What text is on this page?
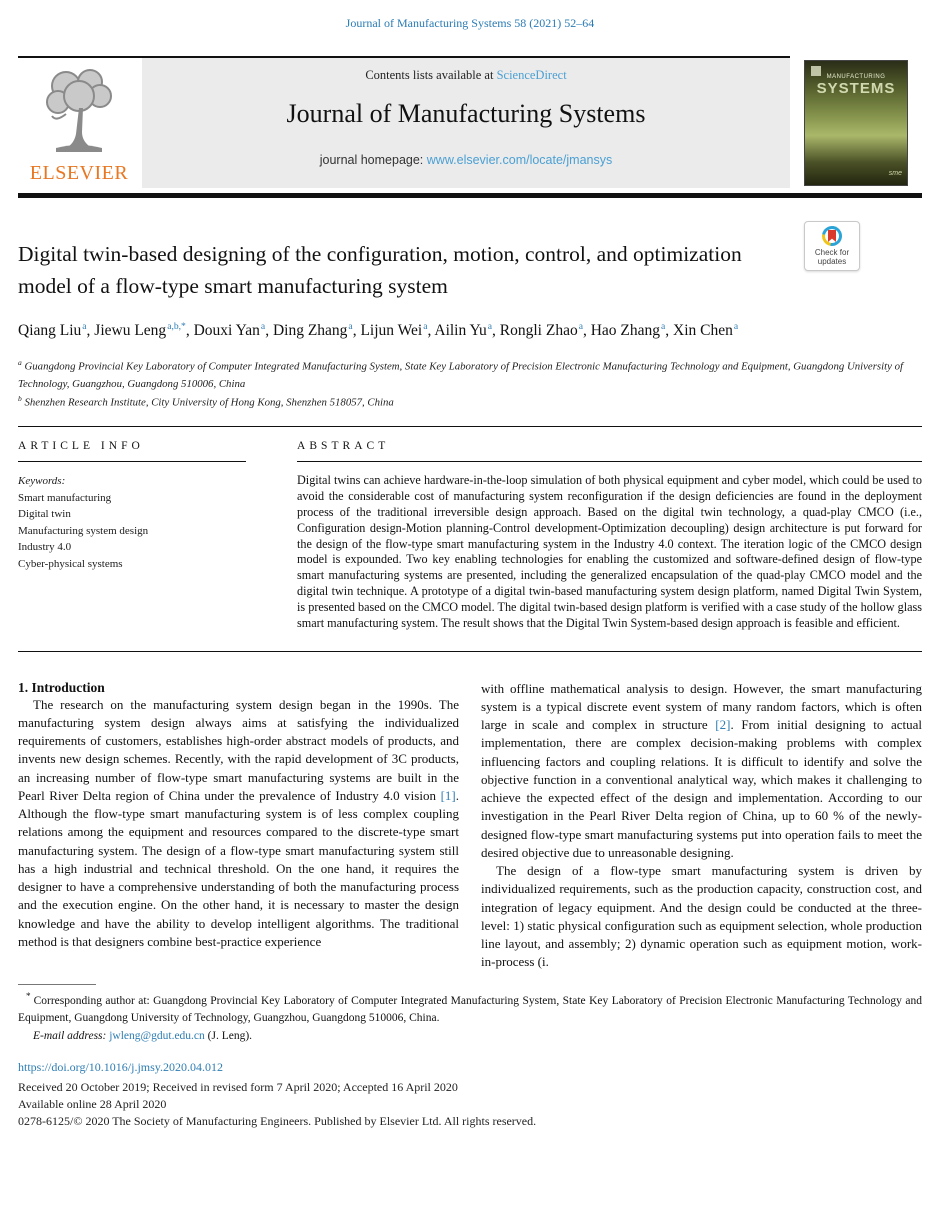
Journal of Manufacturing Systems 58 (2021) 52–64
ELSEVIER
Contents lists available at ScienceDirect
Journal of Manufacturing Systems
journal homepage: www.elsevier.com/locate/jmansys
MANUFACTURING
SYSTEMS
sme
Check for
updates
Digital twin-based designing of the configuration, motion, control, and optimization model of a flow-type smart manufacturing system
Qiang Liu$^a$, Jiewu Leng$^{a,b,*}$, Douxi Yan$^a$, Ding Zhang$^a$, Lijun Wei$^a$, Ailin Yu$^a$, Rongli Zhao$^a$, Hao Zhang$^a$, Xin Chen$^a$
$^a$ Guangdong Provincial Key Laboratory of Computer Integrated Manufacturing System, State Key Laboratory of Precision Electronic Manufacturing Technology and Equipment, Guangdong University of Technology, Guangzhou, Guangdong 510006, China
$^b$ Shenzhen Research Institute, City University of Hong Kong, Shenzhen 518057, China
ARTICLE INFO
Keywords:
Smart manufacturing
Digital twin
Manufacturing system design
Industry 4.0
Cyber-physical systems
ABSTRACT
Digital twins can achieve hardware-in-the-loop simulation of both physical equipment and cyber model, which could be used to avoid the considerable cost of manufacturing system reconfiguration if the design deficiencies are found in the deployment process of the traditional irreversible design approach. Based on the digital twin technology, a quad-play CMCO (i.e., Configuration design-Motion planning-Control development-Optimization decoupling) design architecture is put forward for the design of the flow-type smart manufacturing system in the Industry 4.0 context. The iteration logic of the CMCO design model is expounded. Two key enabling technologies for enabling the customized and software-defined design of flow-type smart manufacturing systems are presented, including the generalized encapsulation of the quad-play CMCO model and the digital twin technique. A prototype of a digital twin-based manufacturing system design platform, named Digital Twin System, is presented based on the CMCO model. The digital twin-based design platform is verified with a case study of the hollow glass smart manufacturing system. The result shows that the Digital Twin System-based design approach is feasible and efficient.
1. Introduction

The research on the manufacturing system design began in the 1990s. The manufacturing system design always aims at satisfying the individualized requirements of customers, establishes high-order abstract models of products, and invents new design schemes. Recently, with the rapid development of 3C products, an increasing number of flow-type smart manufacturing systems are built in the Pearl River Delta region of China under the prevalence of Industry 4.0 vision [1]. Although the flow-type smart manufacturing system is of less complex coupling relations among the equipment and resources compared to the discrete-type smart manufacturing system. The design of a flow-type smart manufacturing system still has a high industrial and technical threshold. On the one hand, it requires the designer to have a comprehensive understanding of both the manufacturing process and the execution engine. On the other hand, it is necessary to master the design knowledge and have the ability to develop intelligent algorithms. The traditional method is that designers combine best-practice experience

with offline mathematical analysis to design. However, the smart manufacturing system is a typical discrete event system of many random factors, which is often large in scale and complex in structure [2]. From initial designing to actual implementation, there are complex decision-making problems with complex influencing factors and coupling relations. It is difficult to identify and solve the objective function in a conventional analytical way, which makes it challenging to achieve the expected effect of the design and implementation. According to our investigation in the Pearl River Delta region of China, up to 60 % of the newly-designed flow-type smart manufacturing systems put into operation fails to meet the desired objective due to unreasonable designing.

The design of a flow-type smart manufacturing system is driven by individualized requirements, such as the production capacity, construction cost, and integration of legacy equipment. And the design could be conducted at the three-level: 1) static physical configuration such as equipment selection, whole production line layout, and assembly; 2) dynamic operation such as equipment motion, work-in-process (i.

* Corresponding author at: Guangdong Provincial Key Laboratory of Computer Integrated Manufacturing System, State Key Laboratory of Precision Electronic Manufacturing Technology and Equipment, Guangdong University of Technology, Guangzhou, Guangdong 510006, China.
E-mail address: jwleng@gdut.edu.cn (J. Leng).
https://doi.org/10.1016/j.jmsy.2020.04.012
Received 20 October 2019; Received in revised form 7 April 2020; Accepted 16 April 2020
Available online 28 April 2020
0278-6125/© 2020 The Society of Manufacturing Engineers. Published by Elsevier Ltd. All rights reserved.
